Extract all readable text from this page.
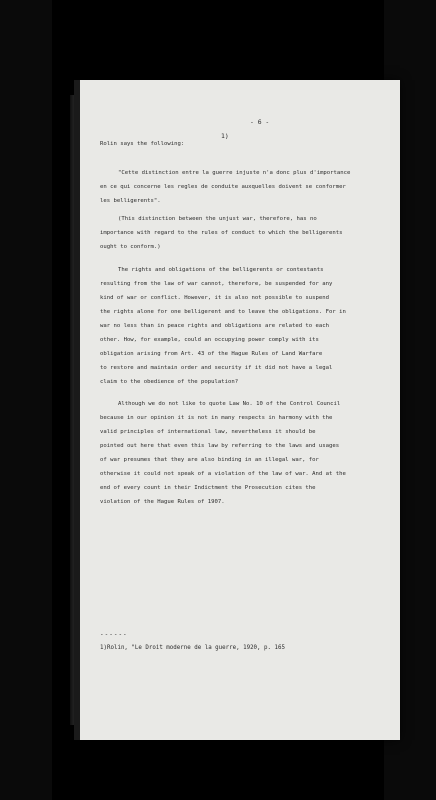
- 6 -
1)
Rolin says the following:
"Cette distinction entre la guerre injuste n'a donc plus d'importance
en ce qui concerne les regles de conduite auxquelles doivent se conformer
les belligerents".
(This distinction between the unjust war, therefore, has no
importance with regard to the rules of conduct to which the belligerents
ought to conform.)
The rights and obligations of the belligerents or contestants
resulting from the law of war cannot, therefore, be suspended for any
kind of war or conflict. However, it is also not possible to suspend
the rights alone for one belligerent and to leave the obligations. For in
war no less than in peace rights and obligations are related to each
other. How, for example, could an occupying power comply with its
obligation arising from Art. 43 of the Hague Rules of Land Warfare
to restore and maintain order and security if it did not have a legal
claim to the obedience of the population?
Although we do not like to quote Law No. 10 of the Control Council
because in our opinion it is not in many respects in harmony with the
valid principles of international law, nevertheless it should be
pointed out here that even this law by referring to the laws and usages
of war presumes that they are also binding in an illegal war, for
otherwise it could not speak of a violation of the law of war. And at the
end of every count in their Indictment the Prosecution cites the
violation of the Hague Rules of 1907.
------
1)Rolin, "Le Droit moderne de la guerre, 1920, p. 165
